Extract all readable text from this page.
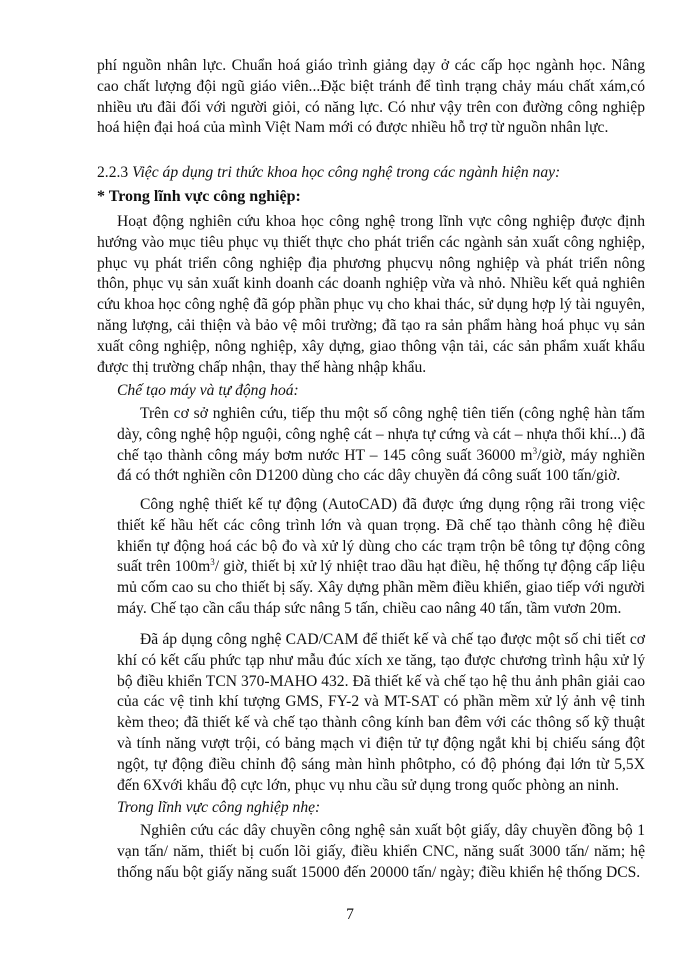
phí nguồn nhân lực. Chuẩn hoá giáo trình giảng dạy ở các cấp học ngành học. Nâng cao chất lượng đội ngũ giáo viên...Đặc biệt tránh để tình trạng chảy máu chất xám,có nhiều ưu đãi đối với người giỏi, có năng lực. Có như vậy trên con đường công nghiệp hoá hiện đại hoá của mình Việt Nam mới có được nhiều hỗ trợ từ nguồn nhân lực.

2.2.3 Việc áp dụng tri thức khoa học công nghệ trong các ngành hiện nay:

* Trong lĩnh vực công nghiệp:

Hoạt động nghiên cứu khoa học công nghệ trong lĩnh vực công nghiệp được định hướng vào mục tiêu phục vụ thiết thực cho phát triển các ngành sản xuất công nghiệp, phục vụ phát triển công nghiệp địa phương phụcvụ nông nghiệp và phát triển nông thôn, phục vụ sản xuất kinh doanh các doanh nghiệp vừa và nhỏ. Nhiều kết quả nghiên cứu khoa học công nghệ đã góp phần phục vụ cho khai thác, sử dụng hợp lý tài nguyên, năng lượng, cải thiện và bảo vệ môi trường; đã tạo ra sản phẩm hàng hoá phục vụ sản xuất công nghiệp, nông nghiệp, xây dựng, giao thông vận tải, các sản phẩm xuất khẩu được thị trường chấp nhận, thay thế hàng nhập khẩu.

Chế tạo máy và tự động hoá:

Trên cơ sở nghiên cứu, tiếp thu một số công nghệ tiên tiến (công nghệ hàn tấm dày, công nghệ hộp nguội, công nghệ cát – nhựa tự cứng và cát – nhựa thổi khí...) đã chế tạo thành công máy bơm nước HT – 145 công suất 36000 $m^3$/giờ, máy nghiền đá có thớt nghiền côn D1200 dùng cho các dây chuyền đá công suất 100 tấn/giờ.

Công nghệ thiết kế tự động (AutoCAD) đã được ứng dụng rộng rãi trong việc thiết kế hầu hết các công trình lớn và quan trọng. Đã chế tạo thành công hệ điều khiển tự động hoá các bộ đo và xử lý dùng cho các trạm trộn bê tông tự động công suất trên $100m^3/$ giờ, thiết bị xử lý nhiệt trao dầu hạt điều, hệ thống tự động cấp liệu mủ cốm cao su cho thiết bị sấy. Xây dựng phần mềm điều khiển, giao tiếp với người máy. Chế tạo cần cẩu tháp sức nâng 5 tấn, chiều cao nâng 40 tấn, tầm vươn 20m.

Đã áp dụng công nghệ CAD/CAM để thiết kế và chế tạo được một số chi tiết cơ khí có kết cấu phức tạp như mẫu đúc xích xe tăng, tạo được chương trình hậu xử lý bộ điều khiển TCN 370-MAHO 432. Đã thiết kế và chế tạo hệ thu ảnh phân giải cao của các vệ tinh khí tượng GMS, FY-2 và MT-SAT có phần mềm xử lý ảnh vệ tinh kèm theo; đã thiết kế và chế tạo thành công kính ban đêm với các thông số kỹ thuật và tính năng vượt trội, có bảng mạch vi điện tử tự động ngắt khi bị chiếu sáng đột ngột, tự động điều chỉnh độ sáng màn hình phôtpho, có độ phóng đại lớn từ 5,5X đến 6Xvới khẩu độ cực lớn, phục vụ nhu cầu sử dụng trong quốc phòng an ninh.

Trong lĩnh vực công nghiệp nhẹ:

Nghiên cứu các dây chuyền công nghệ sản xuất bột giấy, dây chuyền đồng bộ 1 vạn tấn/ năm, thiết bị cuốn lõi giấy, điều khiển CNC, năng suất 3000 tấn/ năm; hệ thống nấu bột giấy năng suất 15000 đến 20000 tấn/ ngày; điều khiển hệ thống DCS.

7
